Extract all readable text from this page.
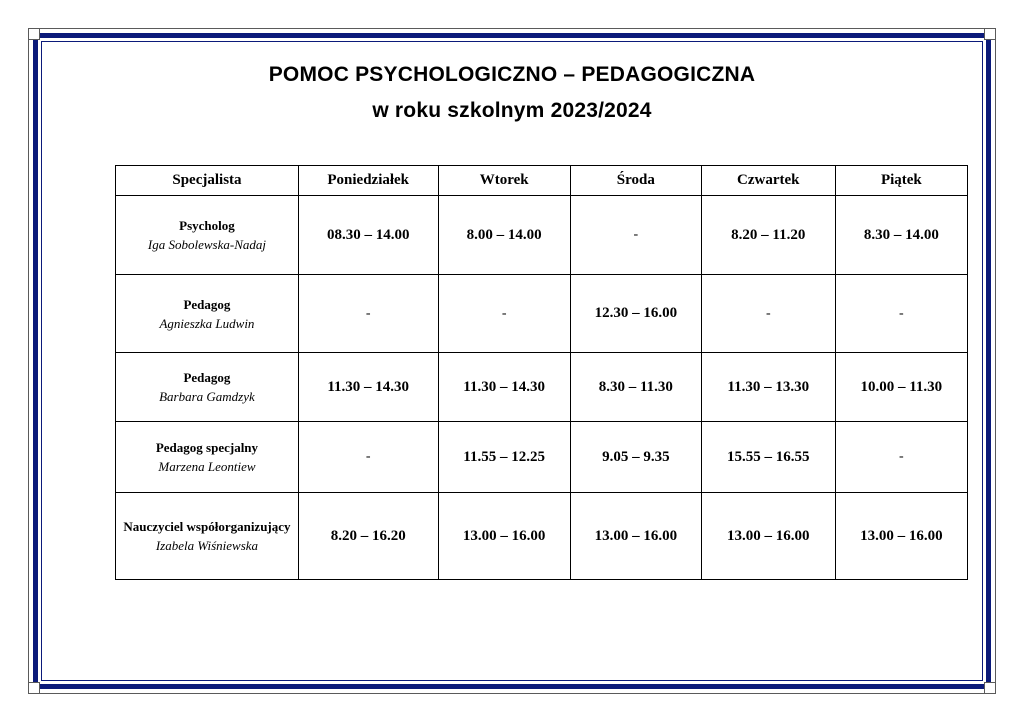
POMOC PSYCHOLOGICZNO – PEDAGOGICZNA
w roku szkolnym 2023/2024
Specjalista	Poniedziałek	Wtorek	Środa	Czwartek	Piątek

Psycholog
Iga Sobolewska-Nadaj	08.30 – 14.00	8.00 – 14.00	-	8.20 – 11.20	8.30 – 14.00

Pedagog
Agnieszka Ludwin	-	-	12.30 – 16.00	-	-

Pedagog
Barbara Gamdzyk	11.30 – 14.30	11.30 – 14.30	8.30 – 11.30	11.30 – 13.30	10.00 – 11.30

Pedagog specjalny
Marzena Leontiew	-	11.55 – 12.25	9.05 – 9.35	15.55 – 16.55	-

Nauczyciel współorganizujący
Izabela Wiśniewska	8.20 – 16.20	13.00 – 16.00	13.00 – 16.00	13.00 – 16.00	13.00 – 16.00
